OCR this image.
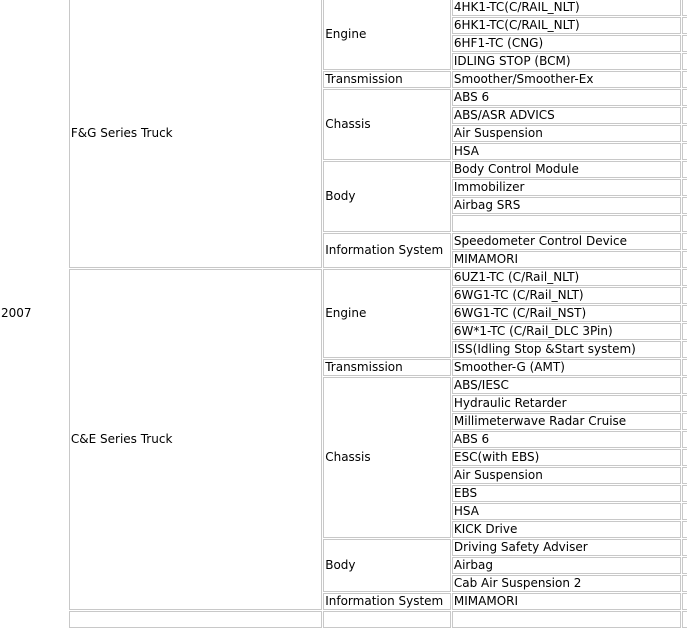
2007	F&G Series Truck	Engine	4HK1-TC(C/RAIL_NLT)	
			6HK1-TC(C/RAIL_NLT)	
			6HF1-TC (CNG)	
			IDLING STOP (BCM)	
		Transmission	Smoother/Smoother-Ex	
		Chassis	ABS 6	
			ABS/ASR ADVICS	
			Air Suspension	
			HSA	
		Body	Body Control Module	
			Immobilizer	
			Airbag SRS	

		Information System	Speedometer Control Device	
			MIMAMORI	
	C&E Series Truck	Engine	6UZ1-TC (C/Rail_NLT)	
			6WG1-TC (C/Rail_NLT)	
			6WG1-TC (C/Rail_NST)	
			6W*1-TC (C/Rail_DLC 3Pin)	
			ISS(Idling Stop &Start system)	
		Transmission	Smoother-G (AMT)	
		Chassis	ABS/IESC	
			Hydraulic Retarder	
			Millimeterwave Radar Cruise	
			ABS 6	
			ESC(with EBS)	
			Air Suspension	
			EBS	
			HSA	
			KICK Drive	
		Body	Driving Safety Adviser	
			Airbag	
			Cab Air Suspension 2	
		Information System	MIMAMORI	
